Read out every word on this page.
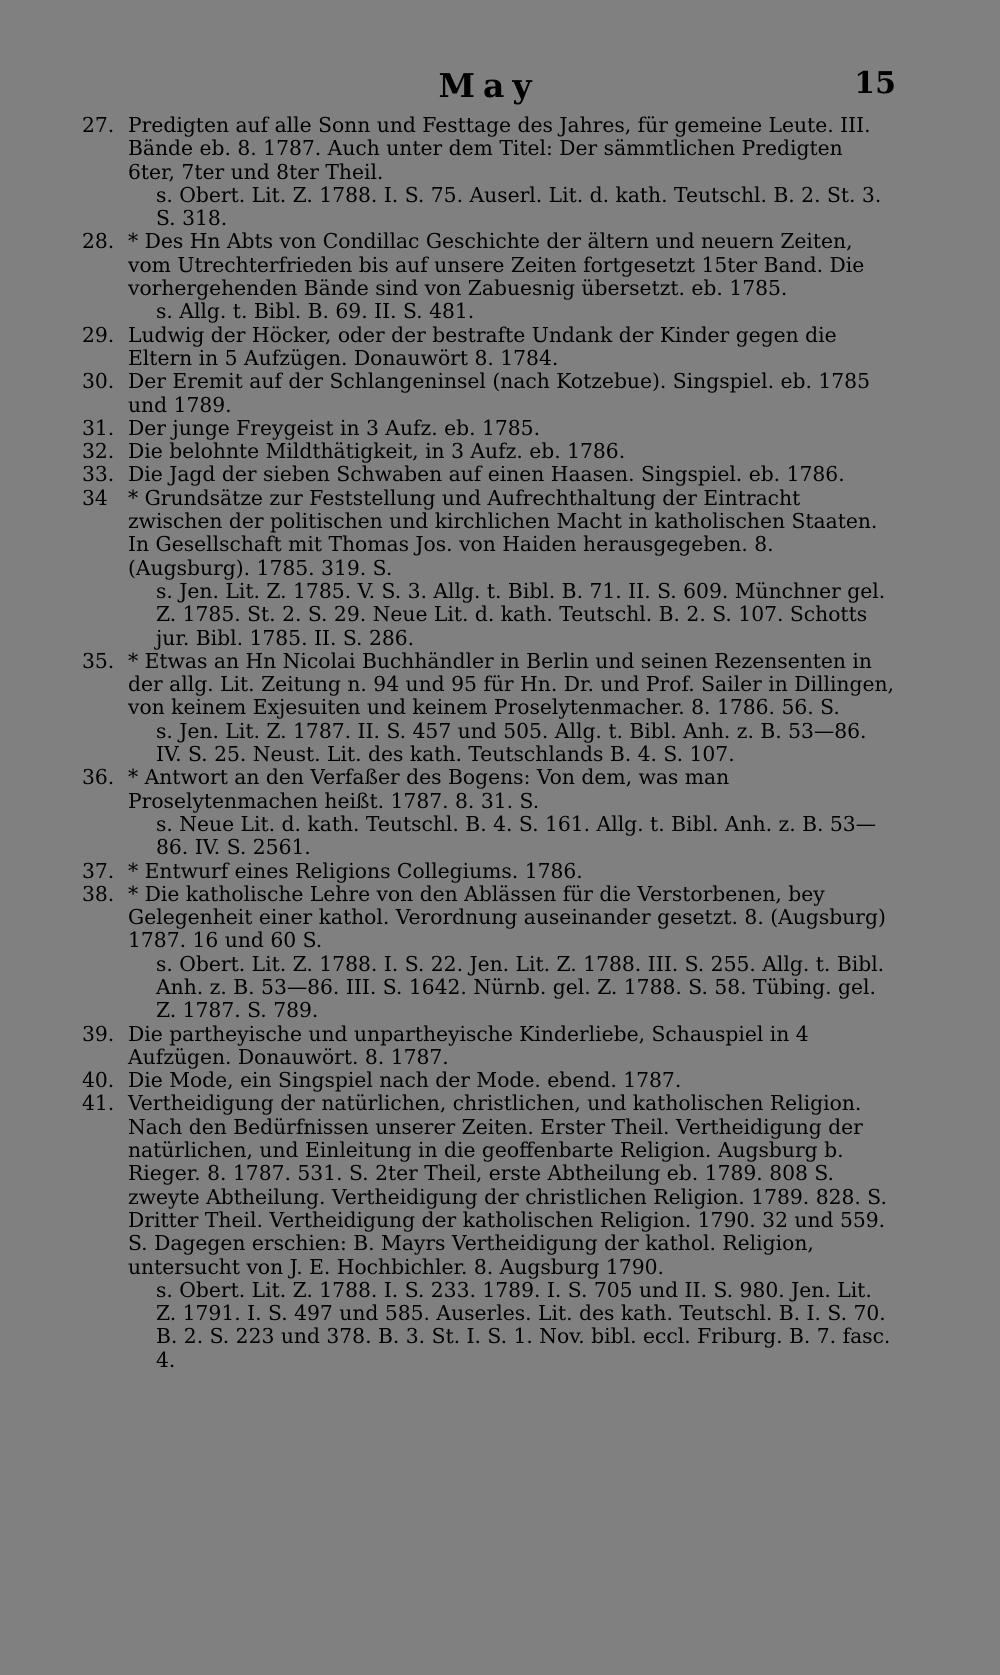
May	15
27. Predigten auf alle Sonn und Festtage des Jahres, für gemeine Leute. III. Bände eb. 8. 1787. Auch unter dem Titel: Der sämmtlichen Predigten 6ter, 7ter und 8ter Theil.
s. Obert. Lit. Z. 1788. I. S. 75. Auserl. Lit. d. kath. Teutschl. B. 2. St. 3. S. 318.
28. * Des Hn Abts von Condillac Geschichte der ältern und neuern Zeiten, vom Utrechterfrieden bis auf unsere Zeiten fortgesetzt 15ter Band. Die vorhergehenden Bände sind von Zabuesnig übersetzt. eb. 1785.
s. Allg. t. Bibl. B. 69. II. S. 481.
29. Ludwig der Höcker, oder der bestrafte Undank der Kinder gegen die Eltern in 5 Aufzügen. Donauwört 8. 1784.
30. Der Eremit auf der Schlangeninsel (nach Kotzebue). Singspiel. eb. 1785 und 1789.
31. Der junge Freygeist in 3 Aufz. eb. 1785.
32. Die belohnte Mildthätigkeit, in 3 Aufz. eb. 1786.
33. Die Jagd der sieben Schwaben auf einen Haasen. Singspiel. eb. 1786.
34 * Grundsätze zur Feststellung und Aufrechthaltung der Eintracht zwischen der politischen und kirchlichen Macht in katholischen Staaten. In Gesellschaft mit Thomas Jos. von Haiden herausgegeben. 8. (Augsburg). 1785. 319. S.
s. Jen. Lit. Z. 1785. V. S. 3. Allg. t. Bibl. B. 71. II. S. 609. Münchner gel. Z. 1785. St. 2. S. 29. Neue Lit. d. kath. Teutschl. B. 2. S. 107. Schotts jur. Bibl. 1785. II. S. 286.
35. * Etwas an Hn Nicolai Buchhändler in Berlin und seinen Rezensenten in der allg. Lit. Zeitung n. 94 und 95 für Hn. Dr. und Prof. Sailer in Dillingen, von keinem Exjesuiten und keinem Proselytenmacher. 8. 1786. 56. S.
s. Jen. Lit. Z. 1787. II. S. 457 und 505. Allg. t. Bibl. Anh. z. B. 53—86. IV. S. 25. Neust. Lit. des kath. Teutschlands B. 4. S. 107.
36. * Antwort an den Verfaßer des Bogens: Von dem, was man Proselytenmachen heißt. 1787. 8. 31. S.
s. Neue Lit. d. kath. Teutschl. B. 4. S. 161. Allg. t. Bibl. Anh. z. B. 53—86. IV. S. 2561.
37. * Entwurf eines Religions Collegiums. 1786.
38. * Die katholische Lehre von den Ablässen für die Verstorbenen, bey Gelegenheit einer kathol. Verordnung auseinander gesetzt. 8. (Augsburg) 1787. 16 und 60 S.
s. Obert. Lit. Z. 1788. I. S. 22. Jen. Lit. Z. 1788. III. S. 255. Allg. t. Bibl. Anh. z. B. 53—86. III. S. 1642. Nürnb. gel. Z. 1788. S. 58. Tübing. gel. Z. 1787. S. 789.
39. Die partheyische und unpartheyische Kinderliebe, Schauspiel in 4 Aufzügen. Donauwört. 8. 1787.
40. Die Mode, ein Singspiel nach der Mode. ebend. 1787.
41. Vertheidigung der natürlichen, christlichen, und katholischen Religion. Nach den Bedürfnissen unserer Zeiten. Erster Theil. Vertheidigung der natürlichen, und Einleitung in die geoffenbarte Religion. Augsburg b. Rieger. 8. 1787. 531. S. 2ter Theil, erste Abtheilung eb. 1789. 808 S. zweyte Abtheilung. Vertheidigung der christlichen Religion. 1789. 828. S. Dritter Theil. Vertheidigung der katholischen Religion. 1790. 32 und 559. S. Dagegen erschien: B. Mayrs Vertheidigung der kathol. Religion, untersucht von J. E. Hochbichler. 8. Augsburg 1790.
s. Obert. Lit. Z. 1788. I. S. 233. 1789. I. S. 705 und II. S. 980. Jen. Lit. Z. 1791. I. S. 497 und 585. Auserles. Lit. des kath. Teutschl. B. I. S. 70. B. 2. S. 223 und 378. B. 3. St. I. S. 1. Nov. bibl. eccl. Friburg. B. 7. fasc. 4.
